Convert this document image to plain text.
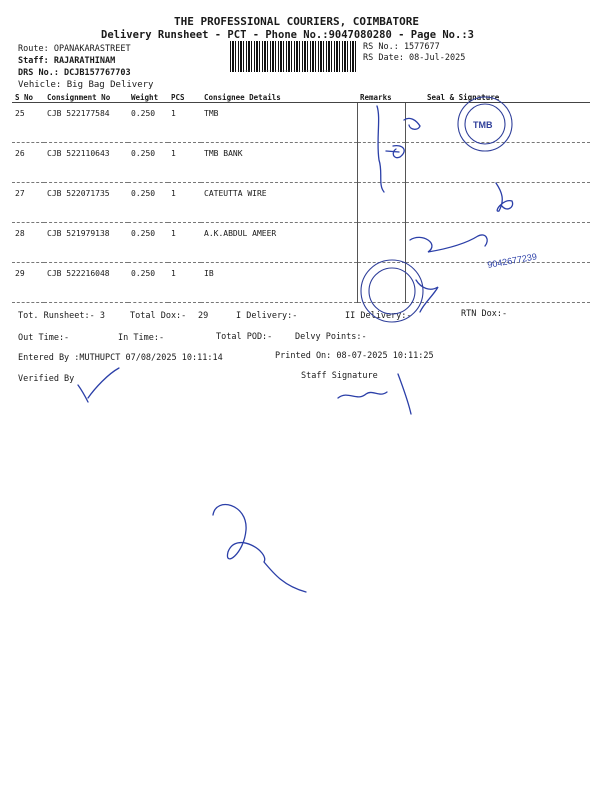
THE PROFESSIONAL COURIERS, COIMBATORE
Delivery Runsheet - PCT - Phone No.:9047080280 - Page No.:3
Route: OPANAKARASTREET
Staff: RAJARATHINAM
DRS No.: DCJB157767703
Vehicle: Big Bag Delivery
RS No.: 1577677
RS Date: 08-Jul-2025
S No	Consignment No	Weight	PCS	Consignee Details	Remarks	Seal & Signature
25	CJB 522177584	0.250	1	TMB		
26	CJB 522110643	0.250	1	TMB BANK		
27	CJB 522071735	0.250	1	CATEUTTA WIRE		
28	CJB 521979138	0.250	1	A.K.ABDUL AMEER		
29	CJB 522216048	0.250	1	IB		
Tot. Runsheet:- 3	Total Dox:- 29	I Delivery:-	II Delivery:-	RTN Dox:-
Out Time:-	In Time:-	Total POD:-	Delvy Points:-
Entered By :MUTHUPCT 07/08/2025 10:11:14	Printed On: 08-07-2025 10:11:25
Verified By	Staff Signature
TMB
9042677239
